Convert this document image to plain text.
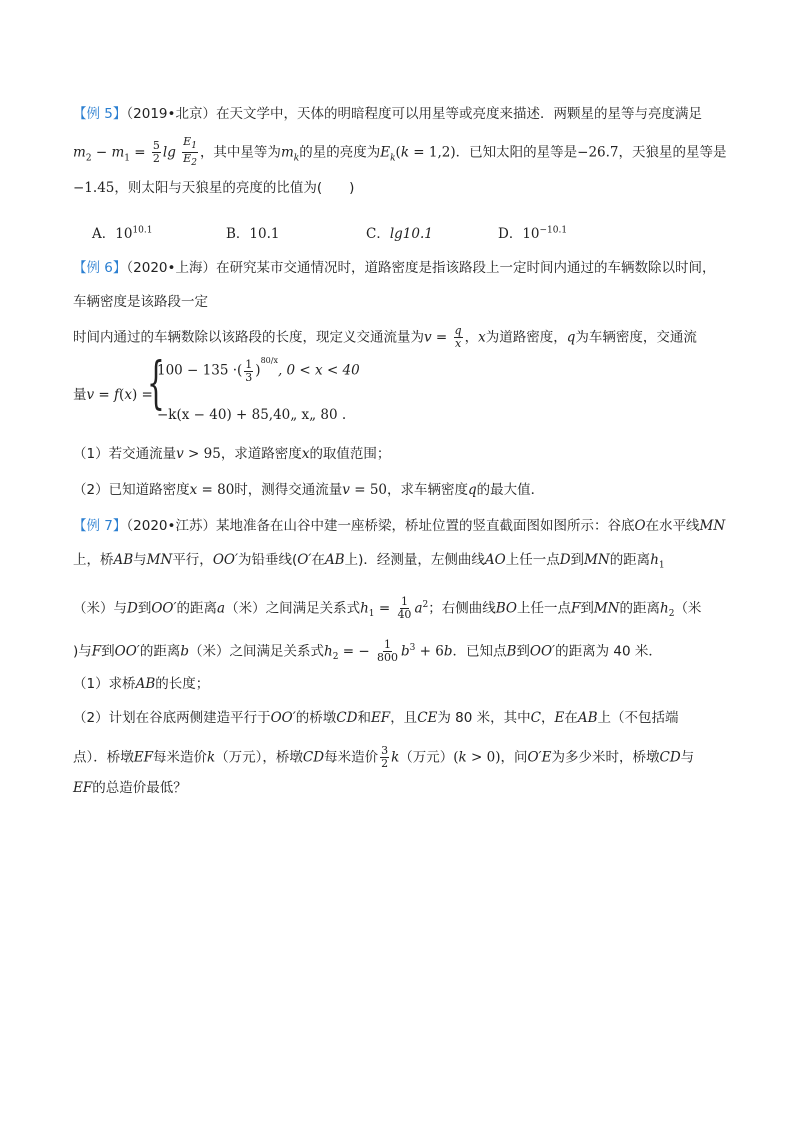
【例 5】（2019•北京）在天文学中，天体的明暗程度可以用星等或亮度来描述．两颗星的星等与亮度满足
$m_2 - m_1 = \frac{5}{2}$ $\lg \frac{E_1}{E_2}$ ，其中星等为$m_k$的星的亮度为$E_k(k = 1,2)$．已知太阳的星等是−26.7，天狼星的星等是
−1.45，则太阳与天狼星的亮度的比值为(　　)
A．$10^{10.1}$	B．10.1	C．lg10.1	D．$10^{-10.1}$
【例 6】（2020•上海）在研究某市交通情况时，道路密度是指该路段上一定时间内通过的车辆数除以时间，
车辆密度是该路段一定
时间内通过的车辆数除以该路段的长度，现定义交通流量为$v = \frac{q}{x}$ ，x为道路密度，q为车辆密度，交通流
量v = f(x) =
{
100 − 135 ·( $\frac{1}{3} )^{80/x}$, 0 < x < 40
−k(x − 40) + 85,40„ x„ 80 .
（1）若交通流量v > 95，求道路密度x的取值范围；
（2）已知道路密度x = 80时，测得交通流量v = 50，求车辆密度q的最大值．
【例 7】（2020•江苏）某地准备在山谷中建一座桥梁，桥址位置的竖直截面图如图所示：谷底O在水平线MN
上，桥AB与MN平行，OO′为铅垂线(O′在AB上)．经测量，左侧曲线AO上任一点D到MN的距离$h_1$
（米）与D到OO′的距离a（米）之间满足关系式$h_1 = \frac{1}{40} a^2$；右侧曲线BO上任一点F到MN的距离$h_2$（米
)与F到OO′的距离b（米）之间满足关系式$h_2$ = − $\frac{1}{800} b^3 + 6b$．已知点B到OO′的距离为 40 米．
（1）求桥AB的长度；
（2）计划在谷底两侧建造平行于OO′的桥墩CD和EF，且CE为 80 米，其中C，E在AB上（不包括端
点）．桥墩EF每米造价k（万元），桥墩CD每米造价 $\frac{3}{2} k$（万元）(k > 0)，问O′E为多少米时，桥墩CD与
EF的总造价最低？
